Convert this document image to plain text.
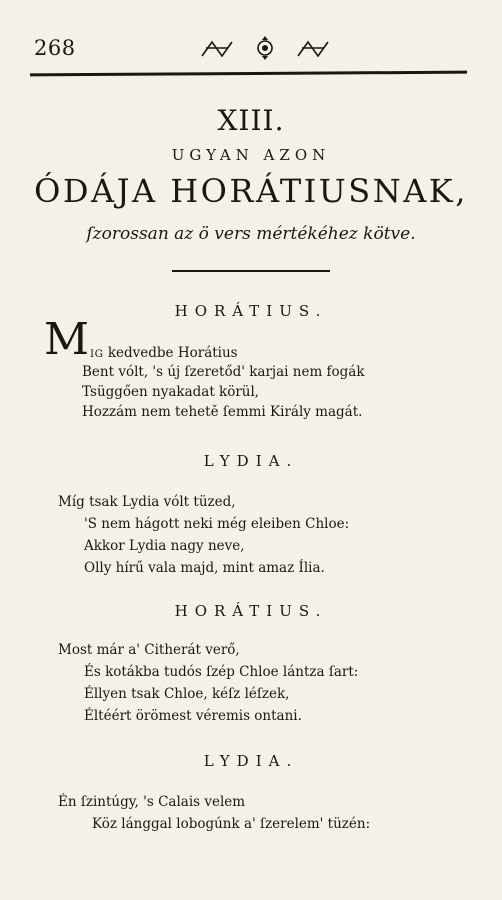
268
XIII.
UGYAN AZON
ÓDÁJA HORÁTIUSNAK,
ſzorossan az ö vers mértékéhez kötve.
HORÁTIUS.
M IG kedvedbe Horátius
Bent vólt, 's új ſzeretőd' karjai nem fogák
Tsüggően nyakadat körül,
Hozzám nem tehetě ſemmi Király magát.
LYDIA.
Míg tsak Lydia vólt tüzed,
'S nem hágott neki még eleiben Chloe:
Akkor Lydia nagy neve,
Olly hírű vala majd, mint amaz Ília.
HORÁTIUS.
Most már a' Citherát verő,
És kotákba tudós ſzép Chloe lántza ſart:
Éllyen tsak Chloe, kéſz léſzek,
Éltéért örömest véremis ontani.
LYDIA.
Én ſzintúgy, 's Calais velem
Köz lánggal lobogúnk a' ſzerelem' tüzén:
